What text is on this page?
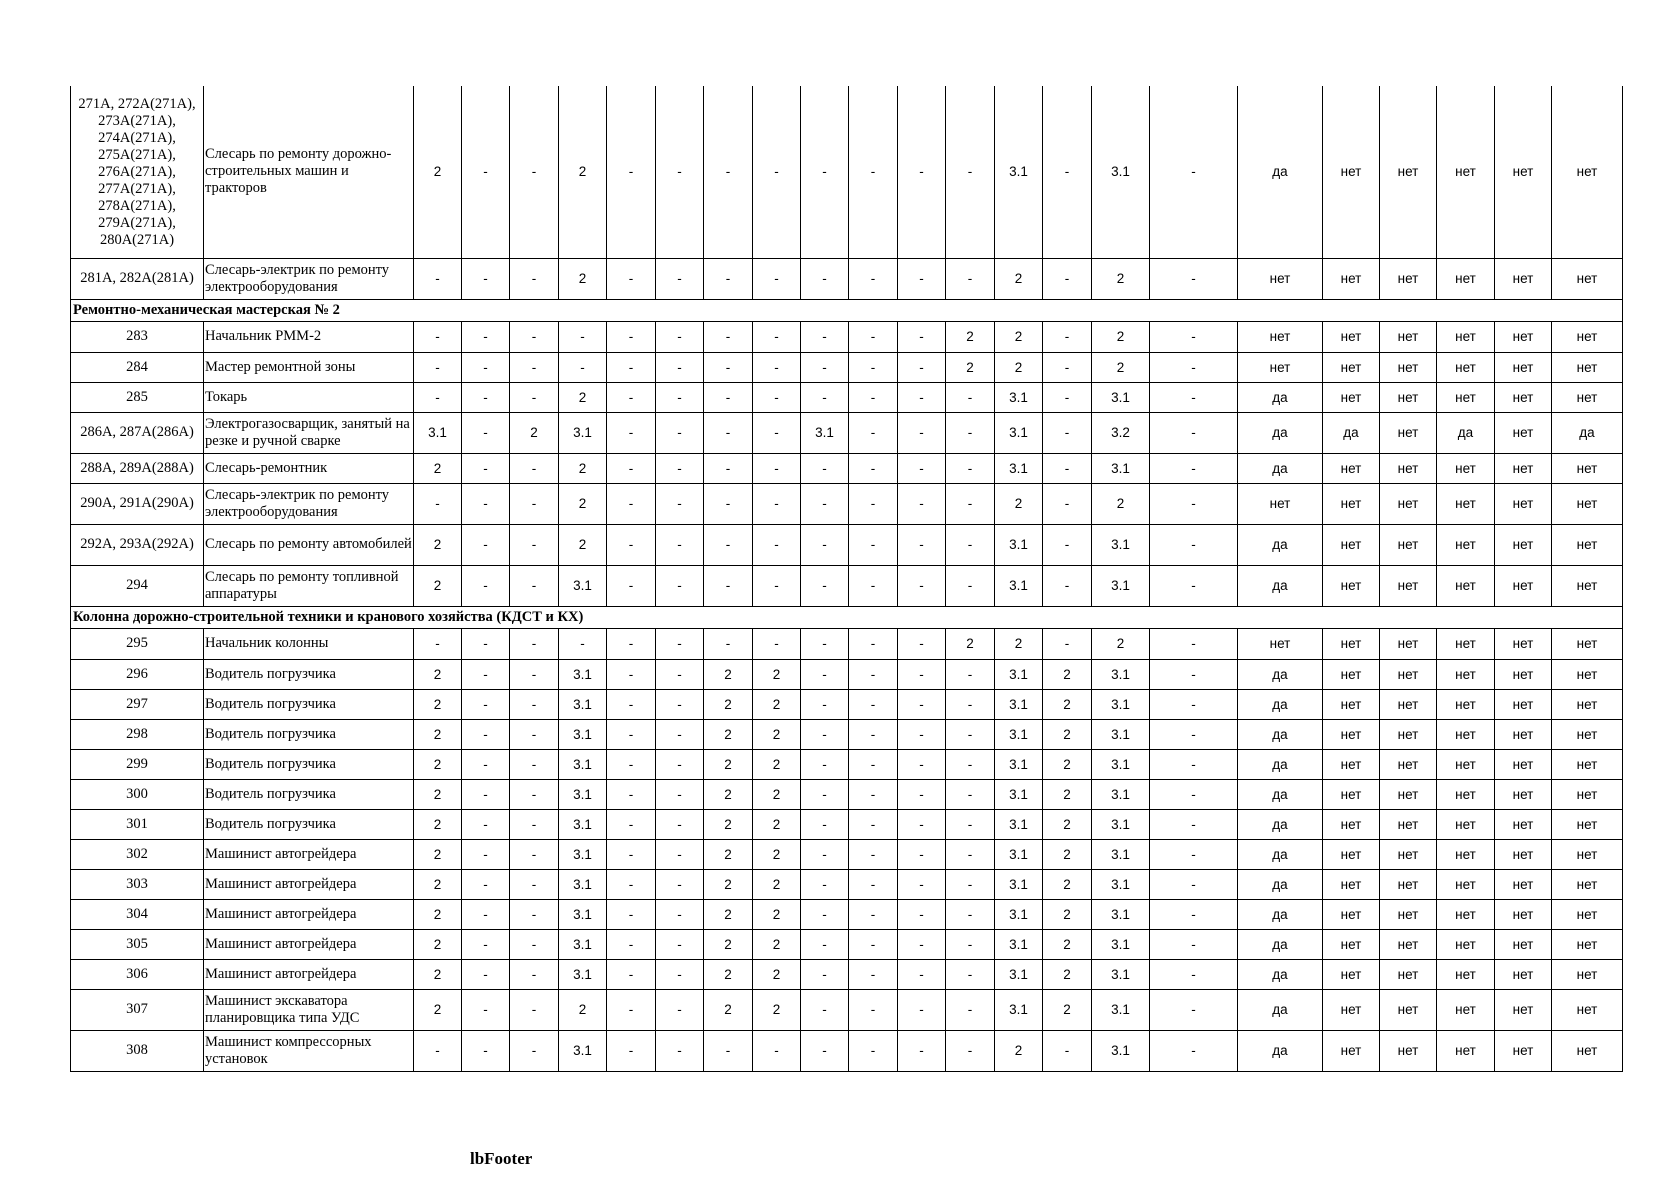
271А, 272А(271А), 273А(271А), 274А(271А), 275А(271А), 276А(271А), 277А(271А), 278А(271А), 279А(271А), 280А(271А)	Слесарь по ремонту дорожно-строительных машин и тракторов	2	-	-	2	-	-	-	-	-	-	-	-	3.1	-	3.1	-	да	нет	нет	нет	нет	нет
281А, 282А(281А)	Слесарь-электрик по ремонту электрооборудования	-	-	-	2	-	-	-	-	-	-	-	-	2	-	2	-	нет	нет	нет	нет	нет	нет
Ремонтно-механическая мастерская № 2																							
283	Начальник РММ-2	-	-	-	-	-	-	-	-	-	-	-	2	2	-	2	-	нет	нет	нет	нет	нет	нет
284	Мастер ремонтной зоны	-	-	-	-	-	-	-	-	-	-	-	2	2	-	2	-	нет	нет	нет	нет	нет	нет
285	Токарь	-	-	-	2	-	-	-	-	-	-	-	-	3.1	-	3.1	-	да	нет	нет	нет	нет	нет
286А, 287А(286А)	Электрогазосварщик, занятый на резке и ручной сварке	3.1	-	2	3.1	-	-	-	-	3.1	-	-	-	3.1	-	3.2	-	да	да	нет	да	нет	да
288А, 289А(288А)	Слесарь-ремонтник	2	-	-	2	-	-	-	-	-	-	-	-	3.1	-	3.1	-	да	нет	нет	нет	нет	нет
290А, 291А(290А)	Слесарь-электрик по ремонту электрооборудования	-	-	-	2	-	-	-	-	-	-	-	-	2	-	2	-	нет	нет	нет	нет	нет	нет
292А, 293А(292А)	Слесарь по ремонту автомобилей	2	-	-	2	-	-	-	-	-	-	-	-	3.1	-	3.1	-	да	нет	нет	нет	нет	нет
294	Слесарь по ремонту топливной аппаратуры	2	-	-	3.1	-	-	-	-	-	-	-	-	3.1	-	3.1	-	да	нет	нет	нет	нет	нет
Колонна дорожно-строительной техники и кранового хозяйства (КДСТ и КХ)																							
295	Начальник колонны	-	-	-	-	-	-	-	-	-	-	-	2	2	-	2	-	нет	нет	нет	нет	нет	нет
296	Водитель погрузчика	2	-	-	3.1	-	-	2	2	-	-	-	-	3.1	2	3.1	-	да	нет	нет	нет	нет	нет
297	Водитель погрузчика	2	-	-	3.1	-	-	2	2	-	-	-	-	3.1	2	3.1	-	да	нет	нет	нет	нет	нет
298	Водитель погрузчика	2	-	-	3.1	-	-	2	2	-	-	-	-	3.1	2	3.1	-	да	нет	нет	нет	нет	нет
299	Водитель погрузчика	2	-	-	3.1	-	-	2	2	-	-	-	-	3.1	2	3.1	-	да	нет	нет	нет	нет	нет
300	Водитель погрузчика	2	-	-	3.1	-	-	2	2	-	-	-	-	3.1	2	3.1	-	да	нет	нет	нет	нет	нет
301	Водитель погрузчика	2	-	-	3.1	-	-	2	2	-	-	-	-	3.1	2	3.1	-	да	нет	нет	нет	нет	нет
302	Машинист автогрейдера	2	-	-	3.1	-	-	2	2	-	-	-	-	3.1	2	3.1	-	да	нет	нет	нет	нет	нет
303	Машинист автогрейдера	2	-	-	3.1	-	-	2	2	-	-	-	-	3.1	2	3.1	-	да	нет	нет	нет	нет	нет
304	Машинист автогрейдера	2	-	-	3.1	-	-	2	2	-	-	-	-	3.1	2	3.1	-	да	нет	нет	нет	нет	нет
305	Машинист автогрейдера	2	-	-	3.1	-	-	2	2	-	-	-	-	3.1	2	3.1	-	да	нет	нет	нет	нет	нет
306	Машинист автогрейдера	2	-	-	3.1	-	-	2	2	-	-	-	-	3.1	2	3.1	-	да	нет	нет	нет	нет	нет
307	Машинист экскаватора планировщика типа УДС	2	-	-	2	-	-	2	2	-	-	-	-	3.1	2	3.1	-	да	нет	нет	нет	нет	нет
308	Машинист компрессорных установок	-	-	-	3.1	-	-	-	-	-	-	-	-	2	-	3.1	-	да	нет	нет	нет	нет	нет
lbFooter
